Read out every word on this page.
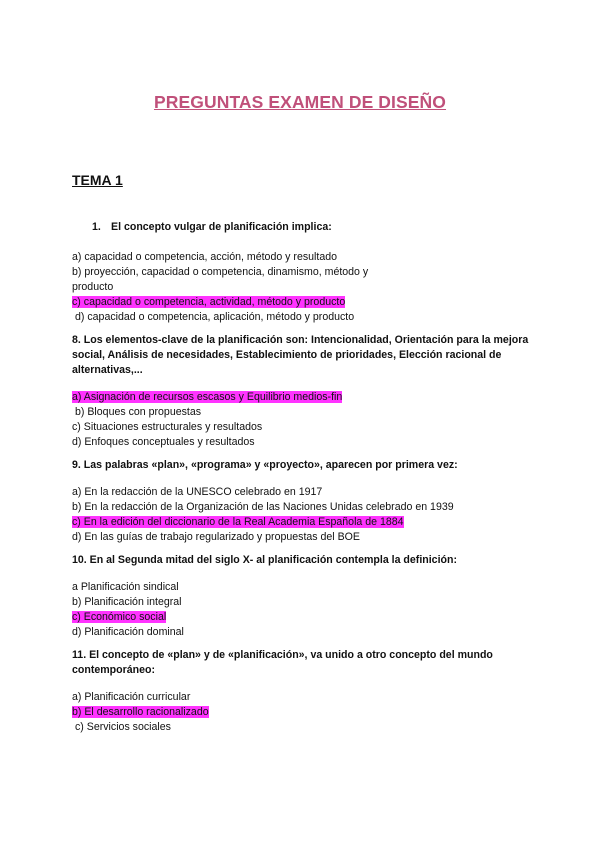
PREGUNTAS EXAMEN DE DISEÑO
TEMA 1

1. El concepto vulgar de planificación implica:

a) capacidad o competencia, acción, método y resultado

b) proyección, capacidad o competencia, dinamismo, método y producto

c) capacidad o competencia, actividad, método y producto

d) capacidad o competencia, aplicación, método y producto

8. Los elementos-clave de la planificación son: Intencionalidad, Orientación para la mejora social, Análisis de necesidades, Establecimiento de prioridades, Elección racional de alternativas,...

a) Asignación de recursos escasos y Equilibrio medios-fin

b) Bloques con propuestas

c) Situaciones estructurales y resultados

d) Enfoques conceptuales y resultados

9. Las palabras «plan», «programa» y «proyecto», aparecen por primera vez:

a) En la redacción de la UNESCO celebrado en 1917

b) En la redacción de la Organización de las Naciones Unidas celebrado en 1939

c) En la edición del diccionario de la Real Academia Española de 1884

d) En las guías de trabajo regularizado y propuestas del BOE

10. En al Segunda mitad del siglo X- al planificación contempla la definición:

a Planificación sindical

b) Planificación integral

c) Económico social

d) Planificación dominal

11. El concepto de «plan» y de «planificación», va unido a otro concepto del mundo contemporáneo:

a) Planificación curricular

b) El desarrollo racionalizado

c) Servicios sociales
